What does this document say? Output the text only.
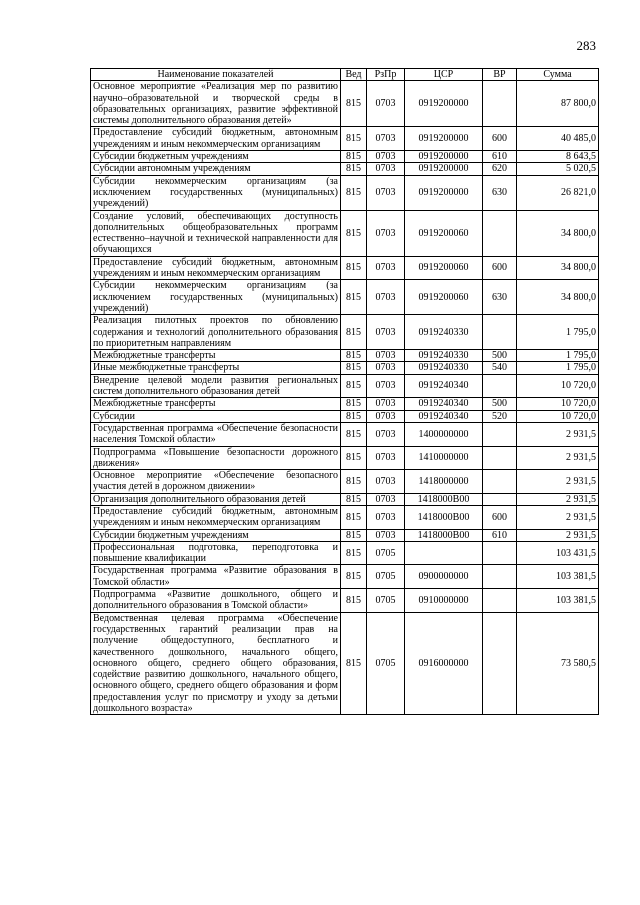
283
Наименование показателей	Вед	РзПр	ЦСР	ВР	Сумма
Основное мероприятие «Реализация мер по развитию научно–образовательной и творческой среды в образовательных организациях, развитие эффективной системы дополнительного образования детей»	815	0703	0919200000		87 800,0
Предоставление субсидий бюджетным, автономным учреждениям и иным некоммерческим организациям	815	0703	0919200000	600	40 485,0
Субсидии бюджетным учреждениям	815	0703	0919200000	610	8 643,5
Субсидии автономным учреждениям	815	0703	0919200000	620	5 020,5
Субсидии некоммерческим организациям (за исключением государственных (муниципальных) учреждений)	815	0703	0919200000	630	26 821,0
Создание условий, обеспечивающих доступность дополнительных общеобразовательных программ естественно–научной и технической направленности для обучающихся	815	0703	0919200060		34 800,0
Предоставление субсидий бюджетным, автономным учреждениям и иным некоммерческим организациям	815	0703	0919200060	600	34 800,0
Субсидии некоммерческим организациям (за исключением государственных (муниципальных) учреждений)	815	0703	0919200060	630	34 800,0
Реализация пилотных проектов по обновлению содержания и технологий дополнительного образования по приоритетным направлениям	815	0703	0919240330		1 795,0
Межбюджетные трансферты	815	0703	0919240330	500	1 795,0
Иные межбюджетные трансферты	815	0703	0919240330	540	1 795,0
Внедрение целевой модели развития региональных систем дополнительного образования детей	815	0703	0919240340		10 720,0
Межбюджетные трансферты	815	0703	0919240340	500	10 720,0
Субсидии	815	0703	0919240340	520	10 720,0
Государственная программа «Обеспечение безопасности населения Томской области»	815	0703	1400000000		2 931,5
Подпрограмма «Повышение безопасности дорожного движения»	815	0703	1410000000		2 931,5
Основное мероприятие «Обеспечение безопасного участия детей в дорожном движении»	815	0703	1418000000		2 931,5
Организация дополнительного образования детей	815	0703	1418000В00		2 931,5
Предоставление субсидий бюджетным, автономным учреждениям и иным некоммерческим организациям	815	0703	1418000В00	600	2 931,5
Субсидии бюджетным учреждениям	815	0703	1418000В00	610	2 931,5
Профессиональная подготовка, переподготовка и повышение квалификации	815	0705			103 431,5
Государственная программа «Развитие образования в Томской области»	815	0705	0900000000		103 381,5
Подпрограмма «Развитие дошкольного, общего и дополнительного образования в Томской области»	815	0705	0910000000		103 381,5
Ведомственная целевая программа «Обеспечение государственных гарантий реализации прав на получение общедоступного, бесплатного и качественного дошкольного, начального общего, основного общего, среднего общего образования, содействие развитию дошкольного, начального общего, основного общего, среднего общего образования и форм предоставления услуг по присмотру и уходу за детьми дошкольного возраста»	815	0705	0916000000		73 580,5
